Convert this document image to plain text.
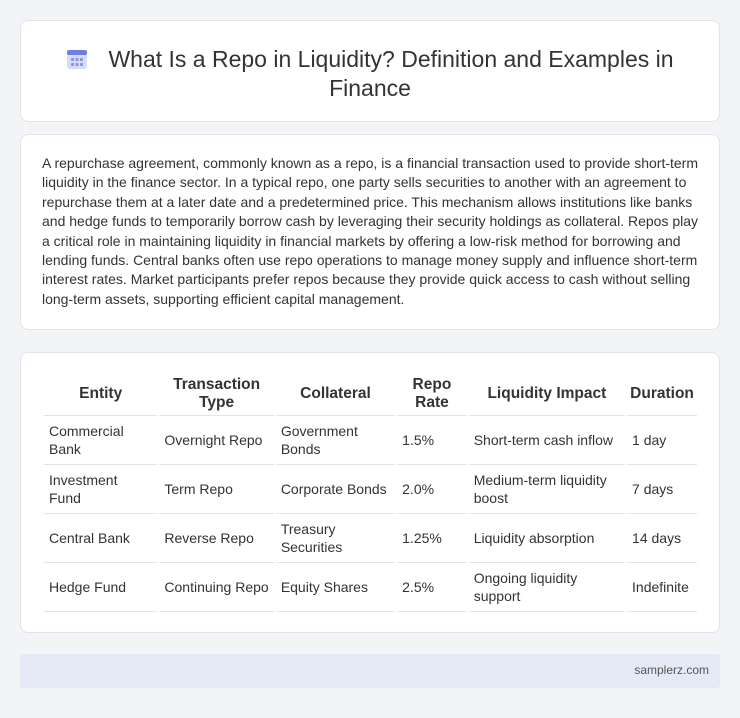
What Is a Repo in Liquidity? Definition and Examples in Finance

A repurchase agreement, commonly known as a repo, is a financial transaction used to provide short-term liquidity in the finance sector. In a typical repo, one party sells securities to another with an agreement to repurchase them at a later date and a predetermined price. This mechanism allows institutions like banks and hedge funds to temporarily borrow cash by leveraging their security holdings as collateral. Repos play a critical role in maintaining liquidity in financial markets by offering a low-risk method for borrowing and lending funds. Central banks often use repo operations to manage money supply and influence short-term interest rates. Market participants prefer repos because they provide quick access to cash without selling long-term assets, supporting efficient capital management.

Entity	Transaction Type	Collateral	Repo Rate	Liquidity Impact	Duration
Commercial Bank	Overnight Repo	Government Bonds	1.5%	Short-term cash inflow	1 day
Investment Fund	Term Repo	Corporate Bonds	2.0%	Medium-term liquidity boost	7 days
Central Bank	Reverse Repo	Treasury Securities	1.25%	Liquidity absorption	14 days
Hedge Fund	Continuing Repo	Equity Shares	2.5%	Ongoing liquidity support	Indefinite
samplerz.com
